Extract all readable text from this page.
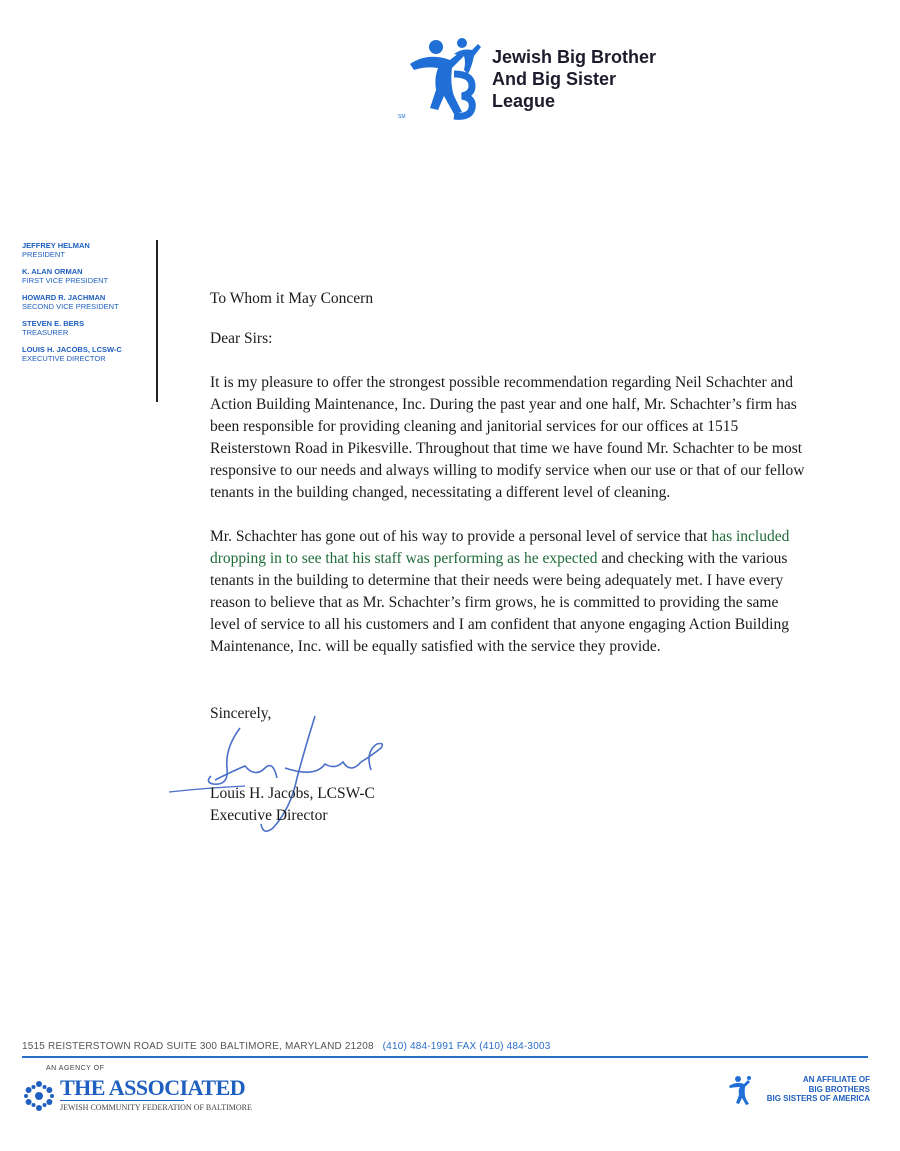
SM
Jewish Big Brother
And Big Sister
League
JEFFREY HELMAN
PRESIDENT
K. ALAN ORMAN
FIRST VICE PRESIDENT
HOWARD R. JACHMAN
SECOND VICE PRESIDENT
STEVEN E. BERS
TREASURER
LOUIS H. JACOBS, LCSW-C
EXECUTIVE DIRECTOR

To Whom it May Concern

Dear Sirs:

It is my pleasure to offer the strongest possible recommendation regarding Neil Schachter and Action Building Maintenance, Inc. During the past year and one half, Mr. Schachter’s firm has been responsible for providing cleaning and janitorial services for our offices at 1515 Reisterstown Road in Pikesville. Throughout that time we have found Mr. Schachter to be most responsive to our needs and always willing to modify service when our use or that of our fellow tenants in the building changed, necessitating a different level of cleaning.

Mr. Schachter has gone out of his way to provide a personal level of service that has included dropping in to see that his staff was performing as he expected and checking with the various tenants in the building to determine that their needs were being adequately met. I have every reason to believe that as Mr. Schachter’s firm grows, he is committed to providing the same level of service to all his customers and I am confident that anyone engaging Action Building Maintenance, Inc. will be equally satisfied with the service they provide.

Sincerely,
Louis H. Jacobs, LCSW-C
Executive Director
1515 REISTERSTOWN ROAD SUITE 300 BALTIMORE, MARYLAND 21208 (410) 484-1991 FAX (410) 484-3003
AN AGENCY OF
THE ASSOCIATED
JEWISH COMMUNITY FEDERATION OF BALTIMORE
AN AFFILIATE OF
BIG BROTHERS
BIG SISTERS OF AMERICA
